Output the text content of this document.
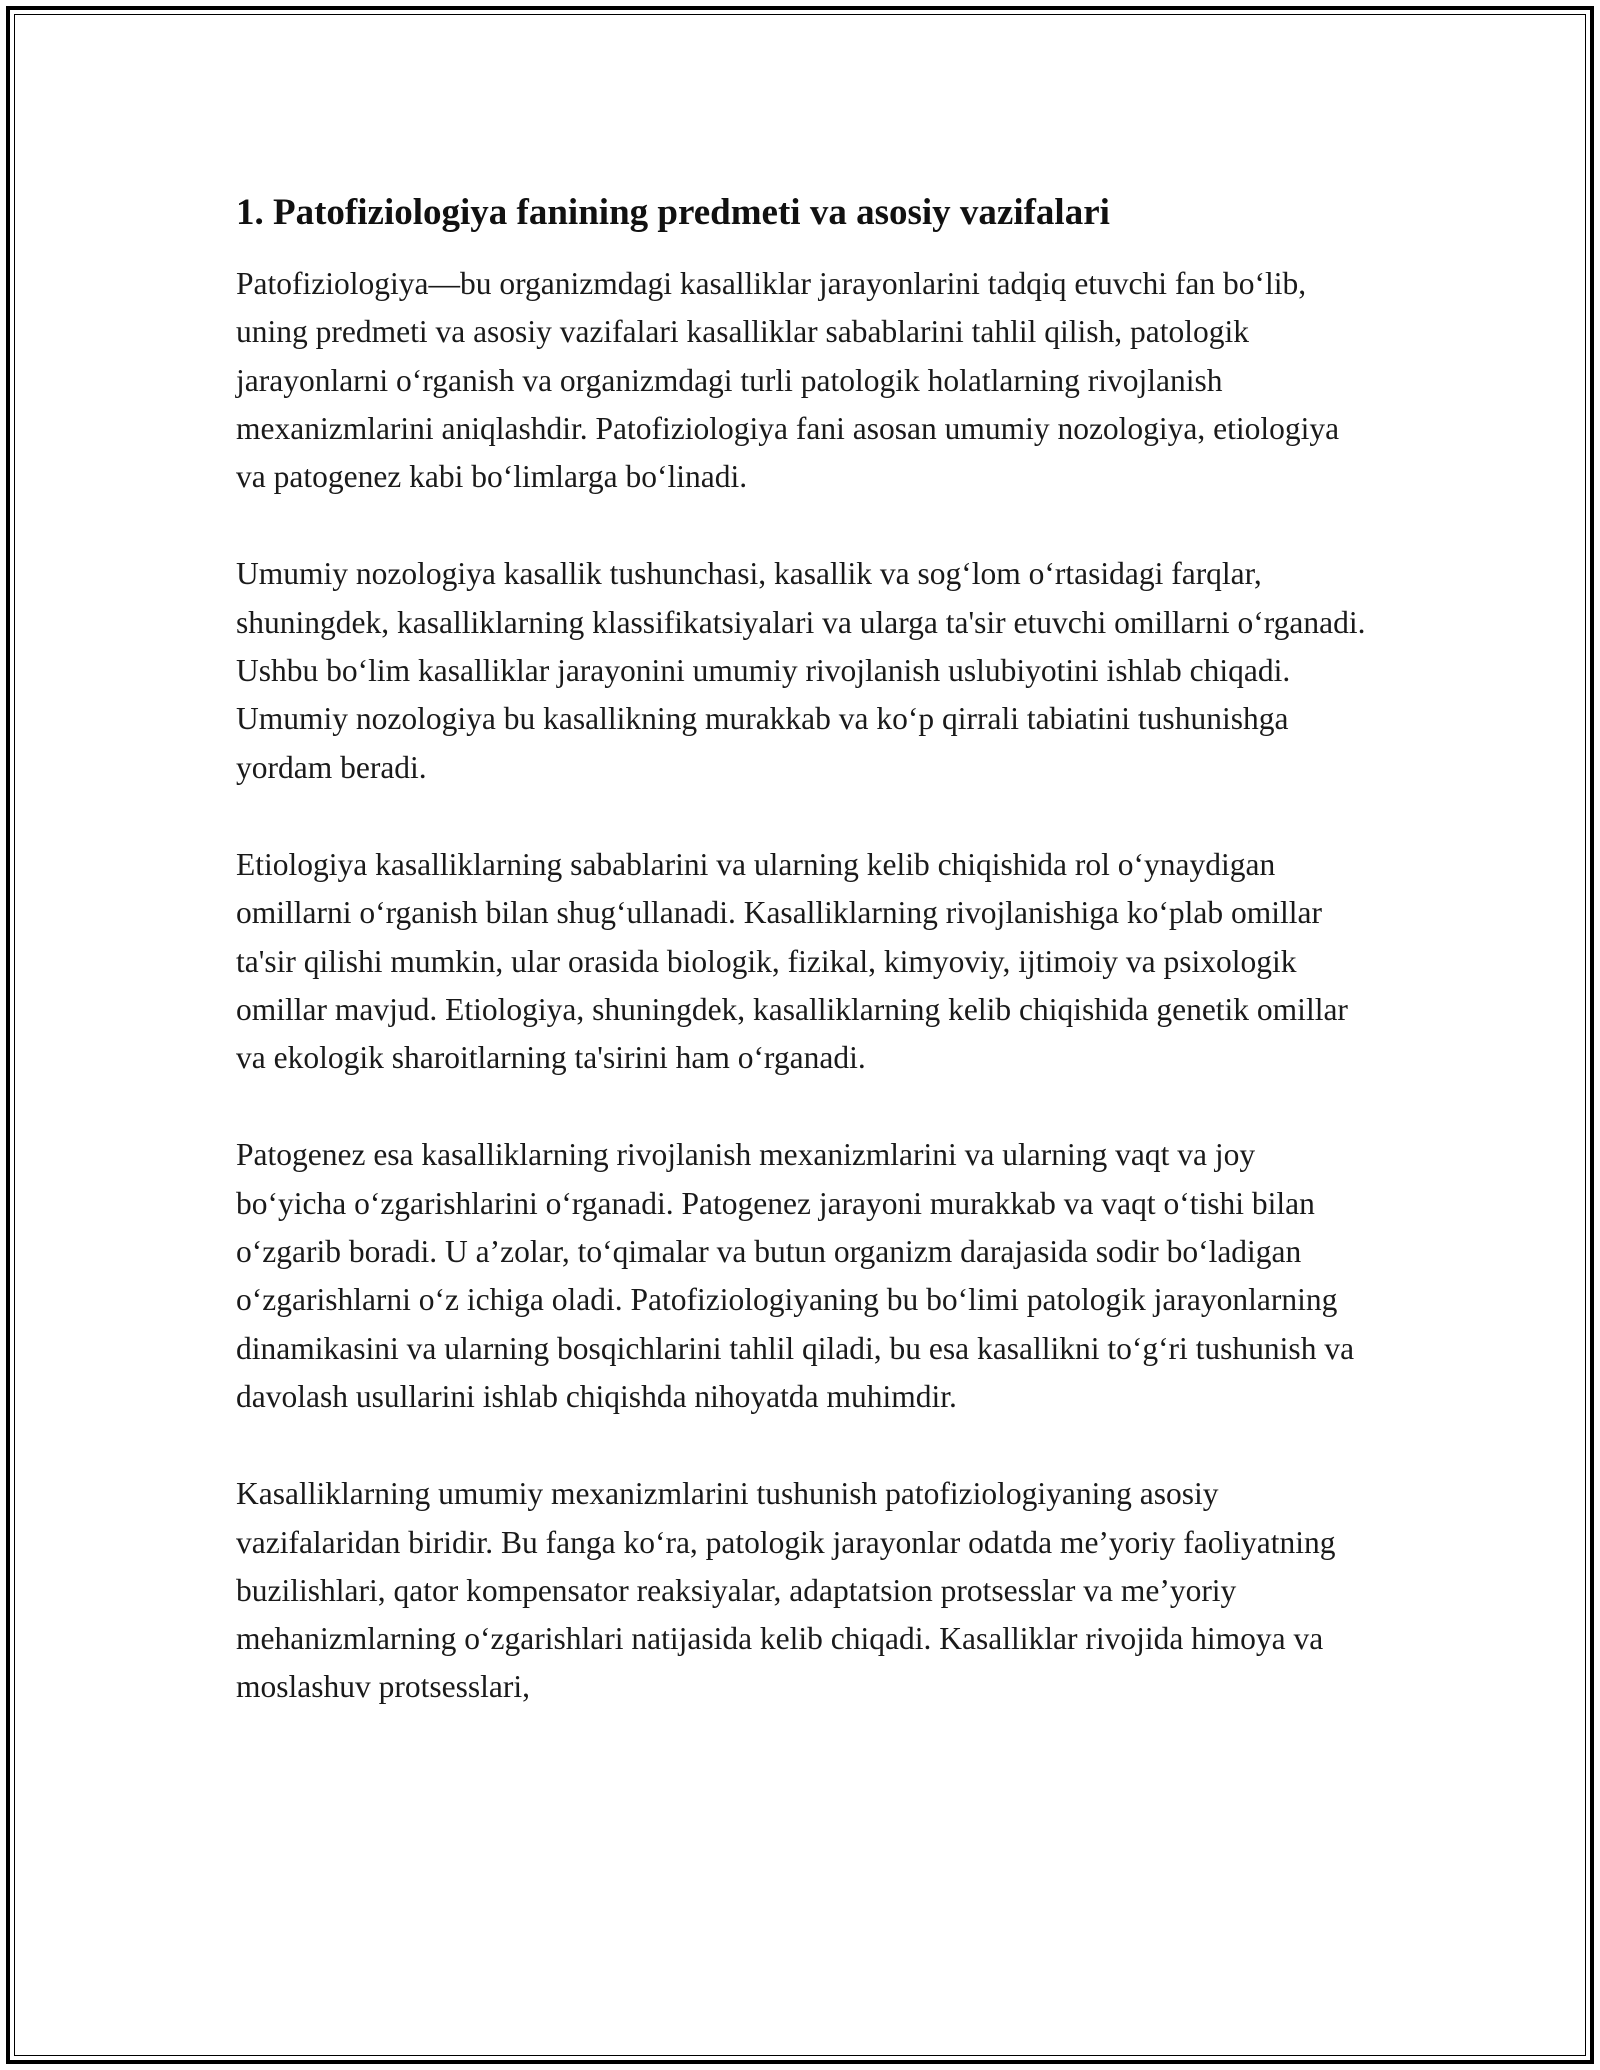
1. Patofiziologiya fanining predmeti va asosiy vazifalari

Patofiziologiya—bu organizmdagi kasalliklar jarayonlarini tadqiq etuvchi fan bo‘lib, uning predmeti va asosiy vazifalari kasalliklar sabablarini tahlil qilish, patologik jarayonlarni o‘rganish va organizmdagi turli patologik holatlarning rivojlanish mexanizmlarini aniqlashdir. Patofiziologiya fani asosan umumiy nozologiya, etiologiya va patogenez kabi bo‘limlarga bo‘linadi.

Umumiy nozologiya kasallik tushunchasi, kasallik va sog‘lom o‘rtasidagi farqlar, shuningdek, kasalliklarning klassifikatsiyalari va ularga ta'sir etuvchi omillarni o‘rganadi. Ushbu bo‘lim kasalliklar jarayonini umumiy rivojlanish uslubiyotini ishlab chiqadi. Umumiy nozologiya bu kasallikning murakkab va ko‘p qirrali tabiatini tushunishga yordam beradi.

Etiologiya kasalliklarning sabablarini va ularning kelib chiqishida rol o‘ynaydigan omillarni o‘rganish bilan shug‘ullanadi. Kasalliklarning rivojlanishiga ko‘plab omillar ta'sir qilishi mumkin, ular orasida biologik, fizikal, kimyoviy, ijtimoiy va psixologik omillar mavjud. Etiologiya, shuningdek, kasalliklarning kelib chiqishida genetik omillar va ekologik sharoitlarning ta'sirini ham o‘rganadi.

Patogenez esa kasalliklarning rivojlanish mexanizmlarini va ularning vaqt va joy bo‘yicha o‘zgarishlarini o‘rganadi. Patogenez jarayoni murakkab va vaqt o‘tishi bilan o‘zgarib boradi. U a’zolar, to‘qimalar va butun organizm darajasida sodir bo‘ladigan o‘zgarishlarni o‘z ichiga oladi. Patofiziologiyaning bu bo‘limi patologik jarayonlarning dinamikasini va ularning bosqichlarini tahlil qiladi, bu esa kasallikni to‘g‘ri tushunish va davolash usullarini ishlab chiqishda nihoyatda muhimdir.

Kasalliklarning umumiy mexanizmlarini tushunish patofiziologiyaning asosiy vazifalaridan biridir. Bu fanga ko‘ra, patologik jarayonlar odatda me’yoriy faoliyatning buzilishlari, qator kompensator reaksiyalar, adaptatsion protsesslar va me’yoriy mehanizmlarning o‘zgarishlari natijasida kelib chiqadi. Kasalliklar rivojida himoya va moslashuv protsesslari,
